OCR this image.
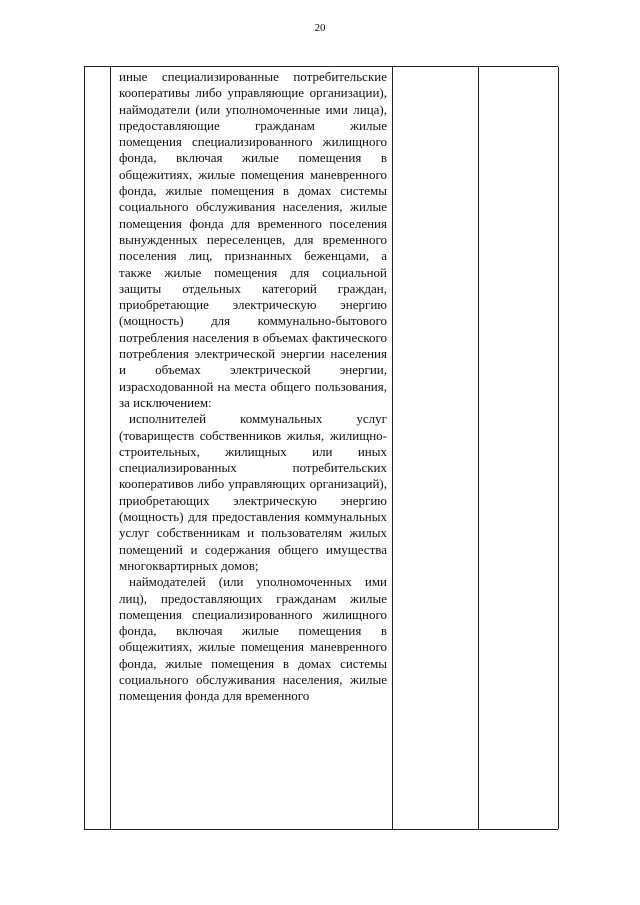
20

иные специализированные потребительские кооперативы либо управляющие организации), наймодатели (или уполномоченные ими лица), предоставляющие гражданам жилые помещения специализированного жилищного фонда, включая жилые помещения в общежитиях, жилые помещения маневренного фонда, жилые помещения в домах системы социального обслуживания населения, жилые помещения фонда для временного поселения вынужденных переселенцев, для временного поселения лиц, признанных беженцами, а также жилые помещения для социальной защиты отдельных категорий граждан, приобретающие электрическую энергию (мощность) для коммунально-бытового потребления населения в объемах фактического потребления электрической энергии населения и объемах электрической энергии, израсходованной на места общего пользования, за исключением:

исполнителей коммунальных услуг (товариществ собственников жилья, жилищно-строительных, жилищных или иных специализированных потребительских кооперативов либо управляющих организаций), приобретающих электрическую энергию (мощность) для предоставления коммунальных услуг собственникам и пользователям жилых помещений и содержания общего имущества многоквартирных домов;

наймодателей (или уполномоченных ими лиц), предоставляющих гражданам жилые помещения специализированного жилищного фонда, включая жилые помещения в общежитиях, жилые помещения маневренного фонда, жилые помещения в домах системы социального обслуживания населения, жилые помещения фонда для временного
